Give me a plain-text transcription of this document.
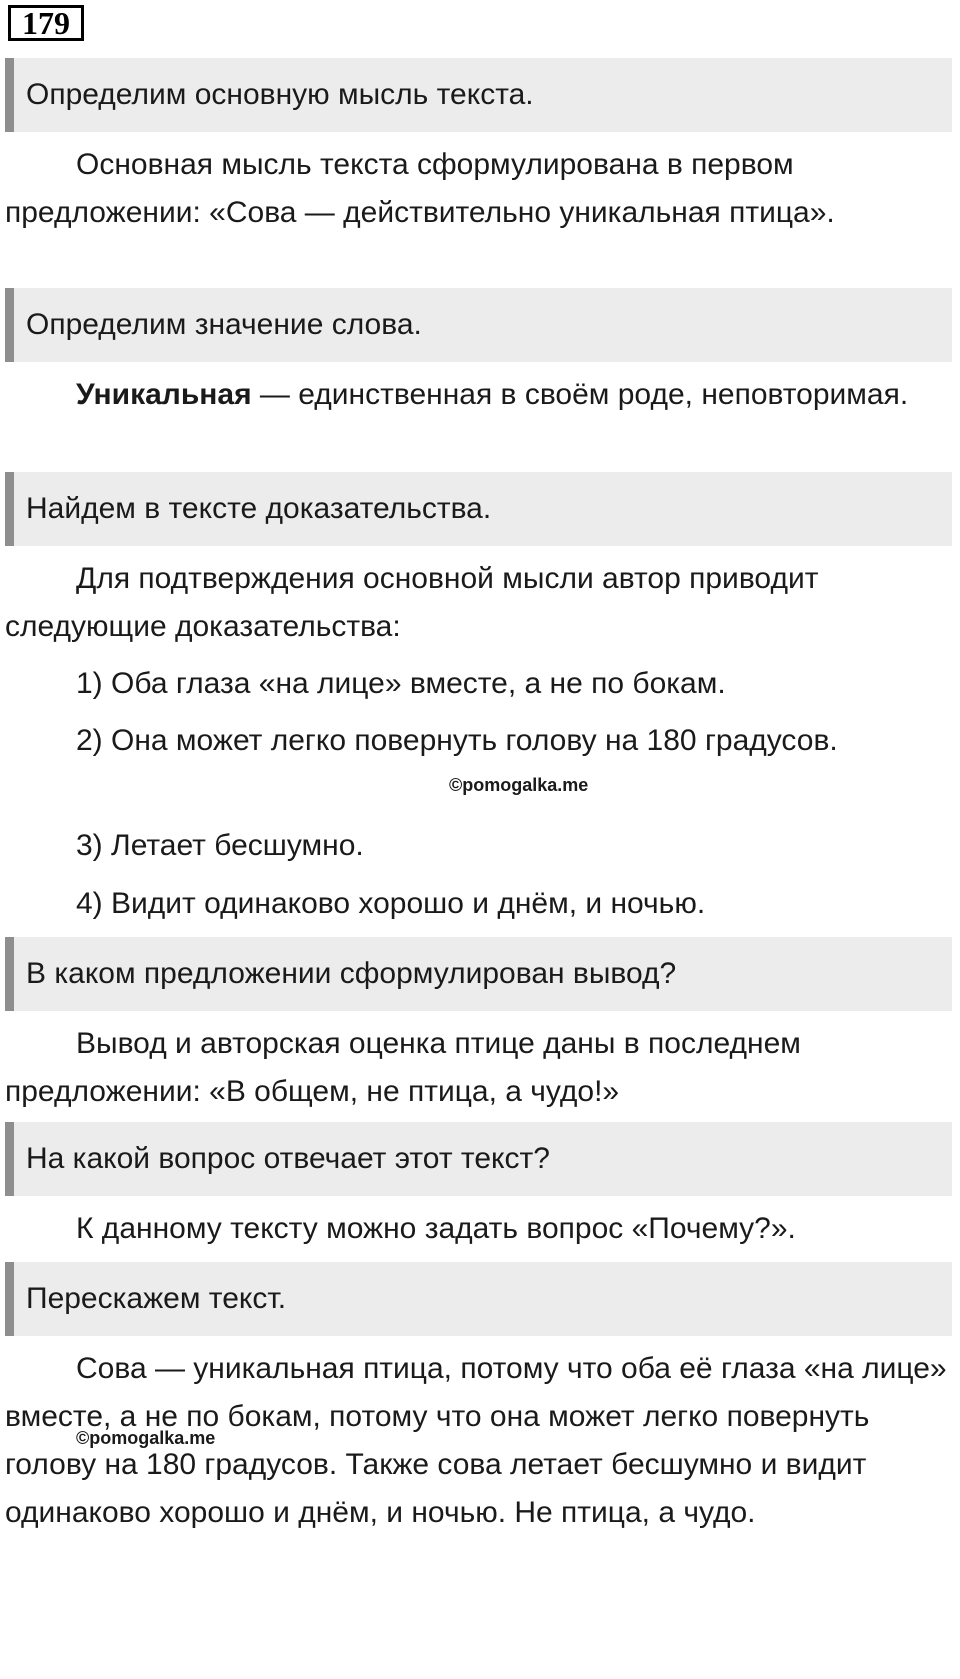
179
Определим основную мысль текста.

Основная мысль текста сформулирована в первом предложении: «Сова — действительно уникальная птица».

Определим значение слова.

Уникальная — единственная в своём роде, неповторимая.

Найдем в тексте доказательства.

Для подтверждения основной мысли автор приводит следующие доказательства:

1) Оба глаза «на лице» вместе, а не по бокам.

2) Она может легко повернуть голову на 180 градусов.

3) Летает бесшумно.

4) Видит одинаково хорошо и днём, и ночью.

В каком предложении сформулирован вывод?

Вывод и авторская оценка птице даны в последнем предложении: «В общем, не птица, а чудо!»

На какой вопрос отвечает этот текст?

К данному тексту можно задать вопрос «Почему?».

Перескажем текст.

Сова — уникальная птица, потому что оба её глаза «на лице» вместе, а не по бокам, потому что она может легко повернуть голову на 180 градусов. Также сова летает бесшумно и видит одинаково хорошо и днём, и ночью. Не птица, а чудо.

©pomogalka.me
©pomogalka.me
